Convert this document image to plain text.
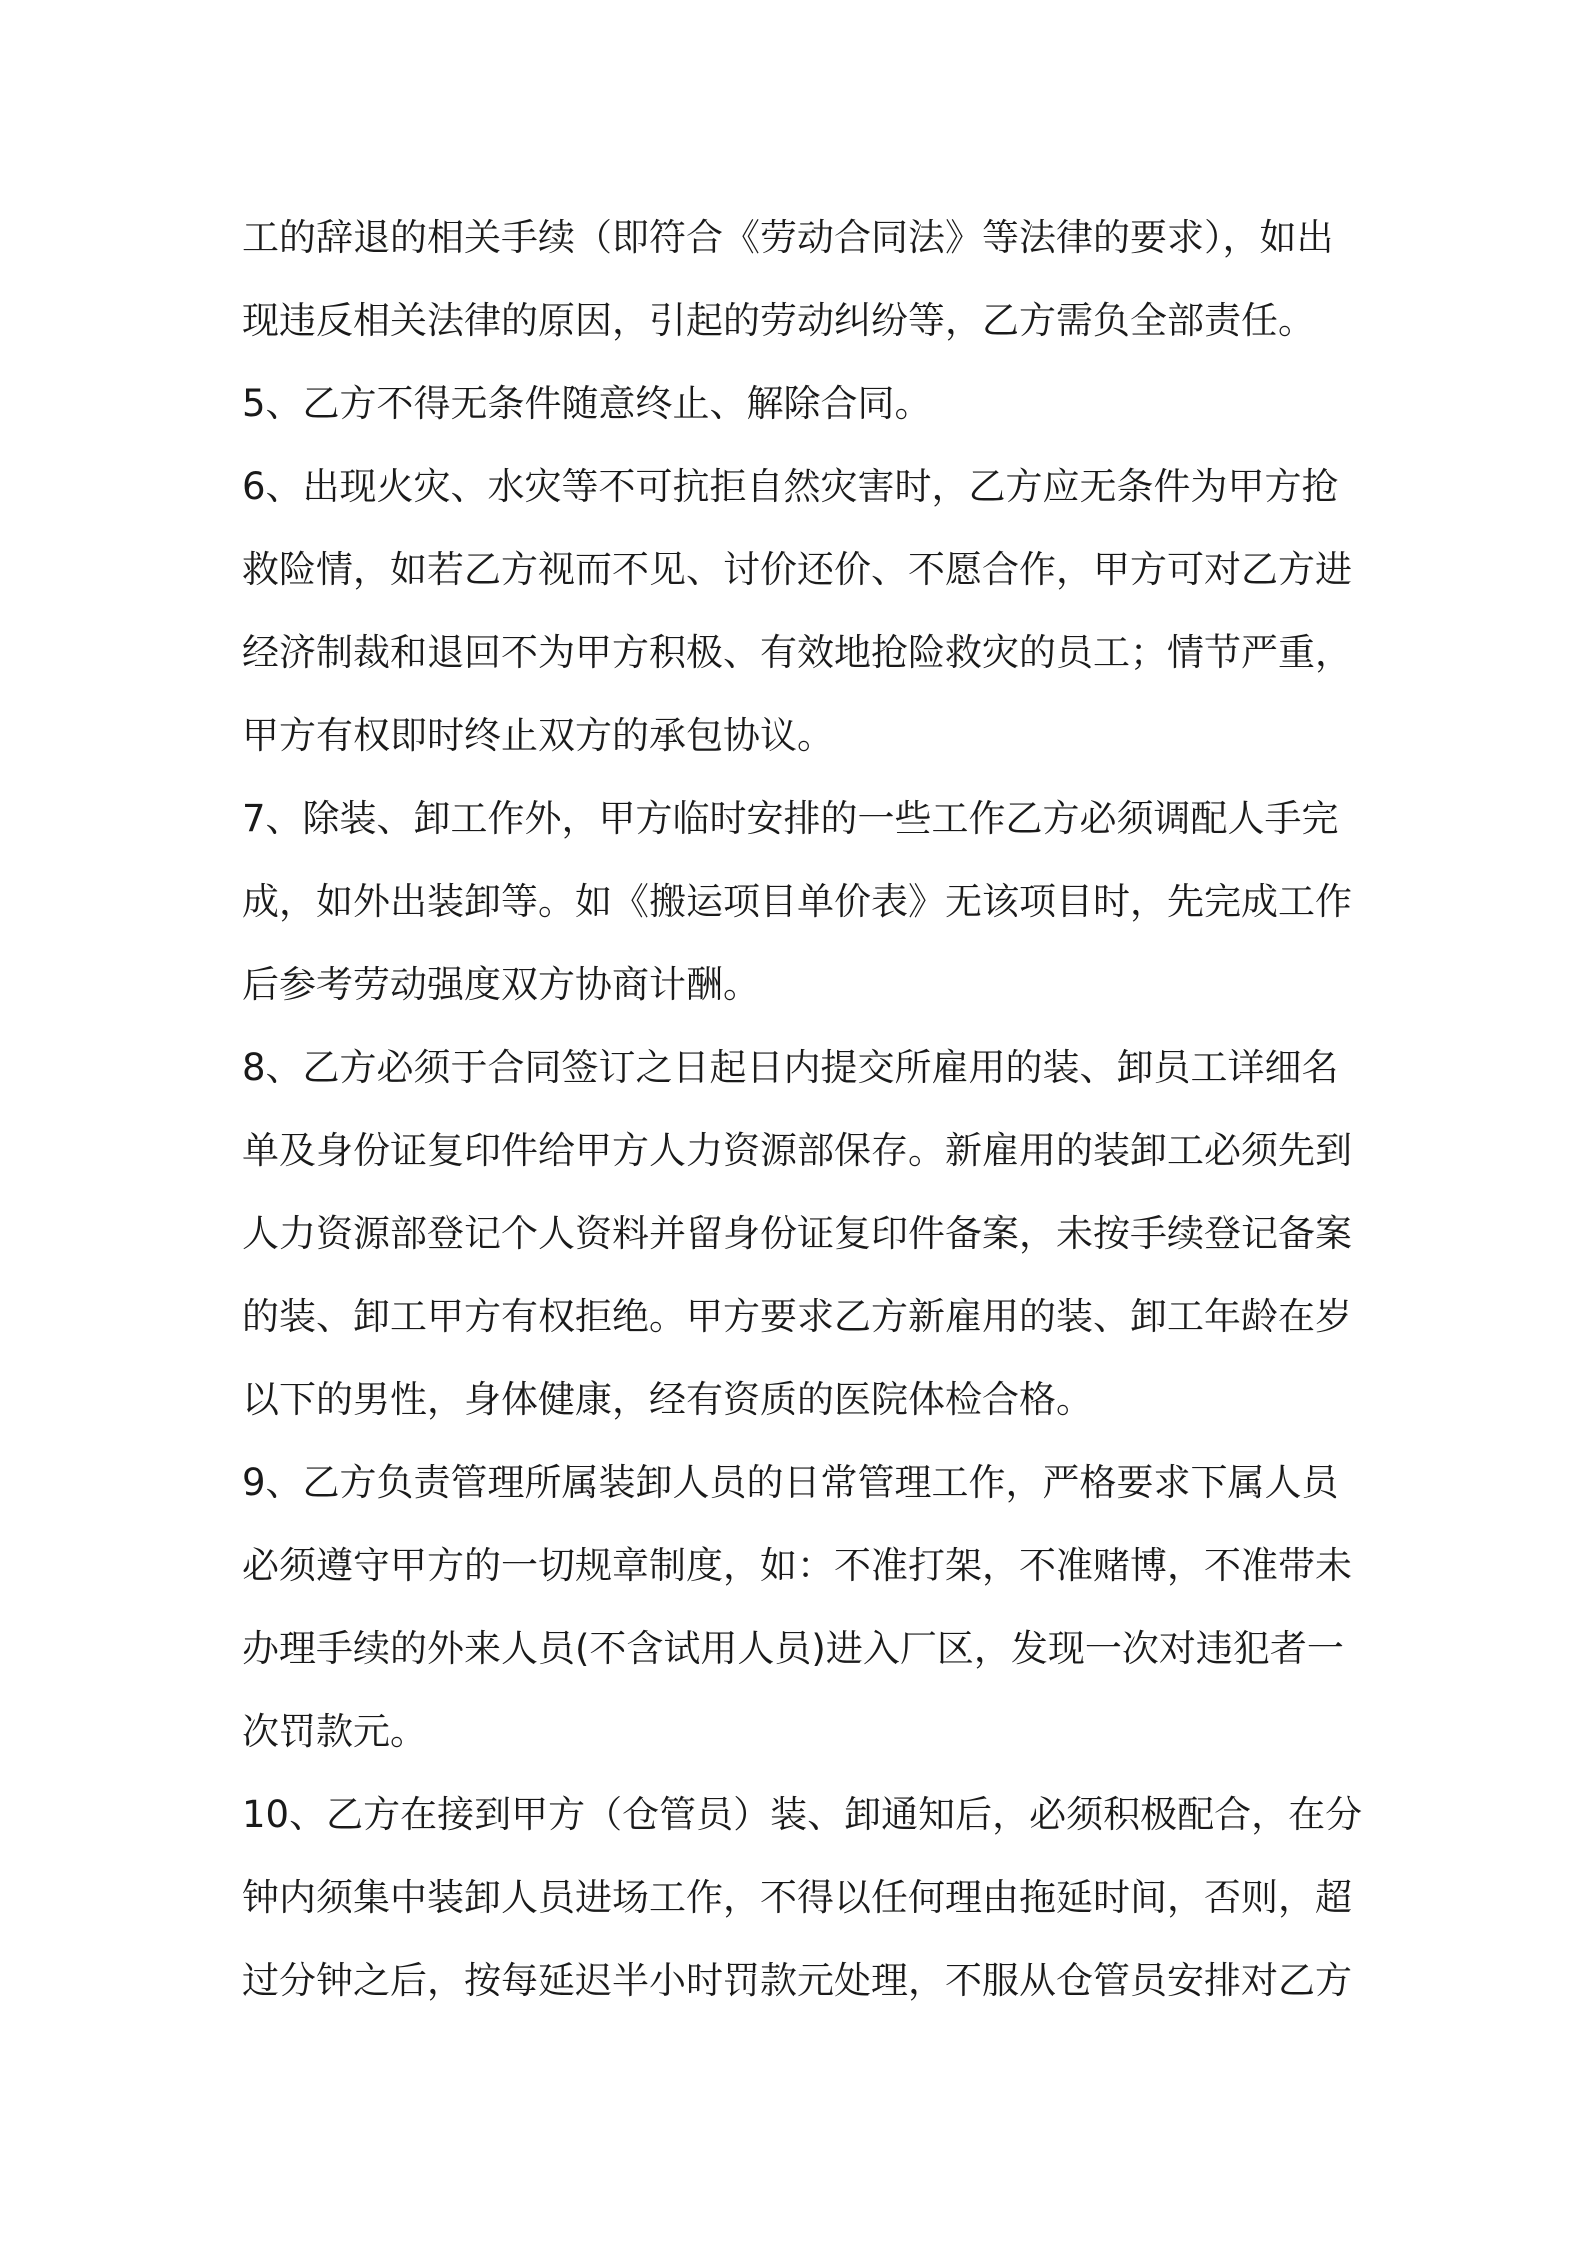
工的辞退的相关手续（即符合《劳动合同法》等法律的要求），如出
现违反相关法律的原因，引起的劳动纠纷等，乙方需负全部责任。
5、乙方不得无条件随意终止、解除合同。
6、出现火灾、水灾等不可抗拒自然灾害时，乙方应无条件为甲方抢
救险情，如若乙方视而不见、讨价还价、不愿合作，甲方可对乙方进
经济制裁和退回不为甲方积极、有效地抢险救灾的员工；情节严重，
甲方有权即时终止双方的承包协议。
7、除装、卸工作外，甲方临时安排的一些工作乙方必须调配人手完
成，如外出装卸等。如《搬运项目单价表》无该项目时，先完成工作
后参考劳动强度双方协商计酬。
8、乙方必须于合同签订之日起日内提交所雇用的装、卸员工详细名
单及身份证复印件给甲方人力资源部保存。新雇用的装卸工必须先到
人力资源部登记个人资料并留身份证复印件备案，未按手续登记备案
的装、卸工甲方有权拒绝。甲方要求乙方新雇用的装、卸工年龄在岁
以下的男性，身体健康，经有资质的医院体检合格。
9、乙方负责管理所属装卸人员的日常管理工作，严格要求下属人员
必须遵守甲方的一切规章制度，如：不准打架，不准赌博，不准带未
办理手续的外来人员(不含试用人员)进入厂区，发现一次对违犯者一
次罚款元。
10、乙方在接到甲方（仓管员）装、卸通知后，必须积极配合，在分
钟内须集中装卸人员进场工作，不得以任何理由拖延时间，否则，超
过分钟之后，按每延迟半小时罚款元处理，不服从仓管员安排对乙方
